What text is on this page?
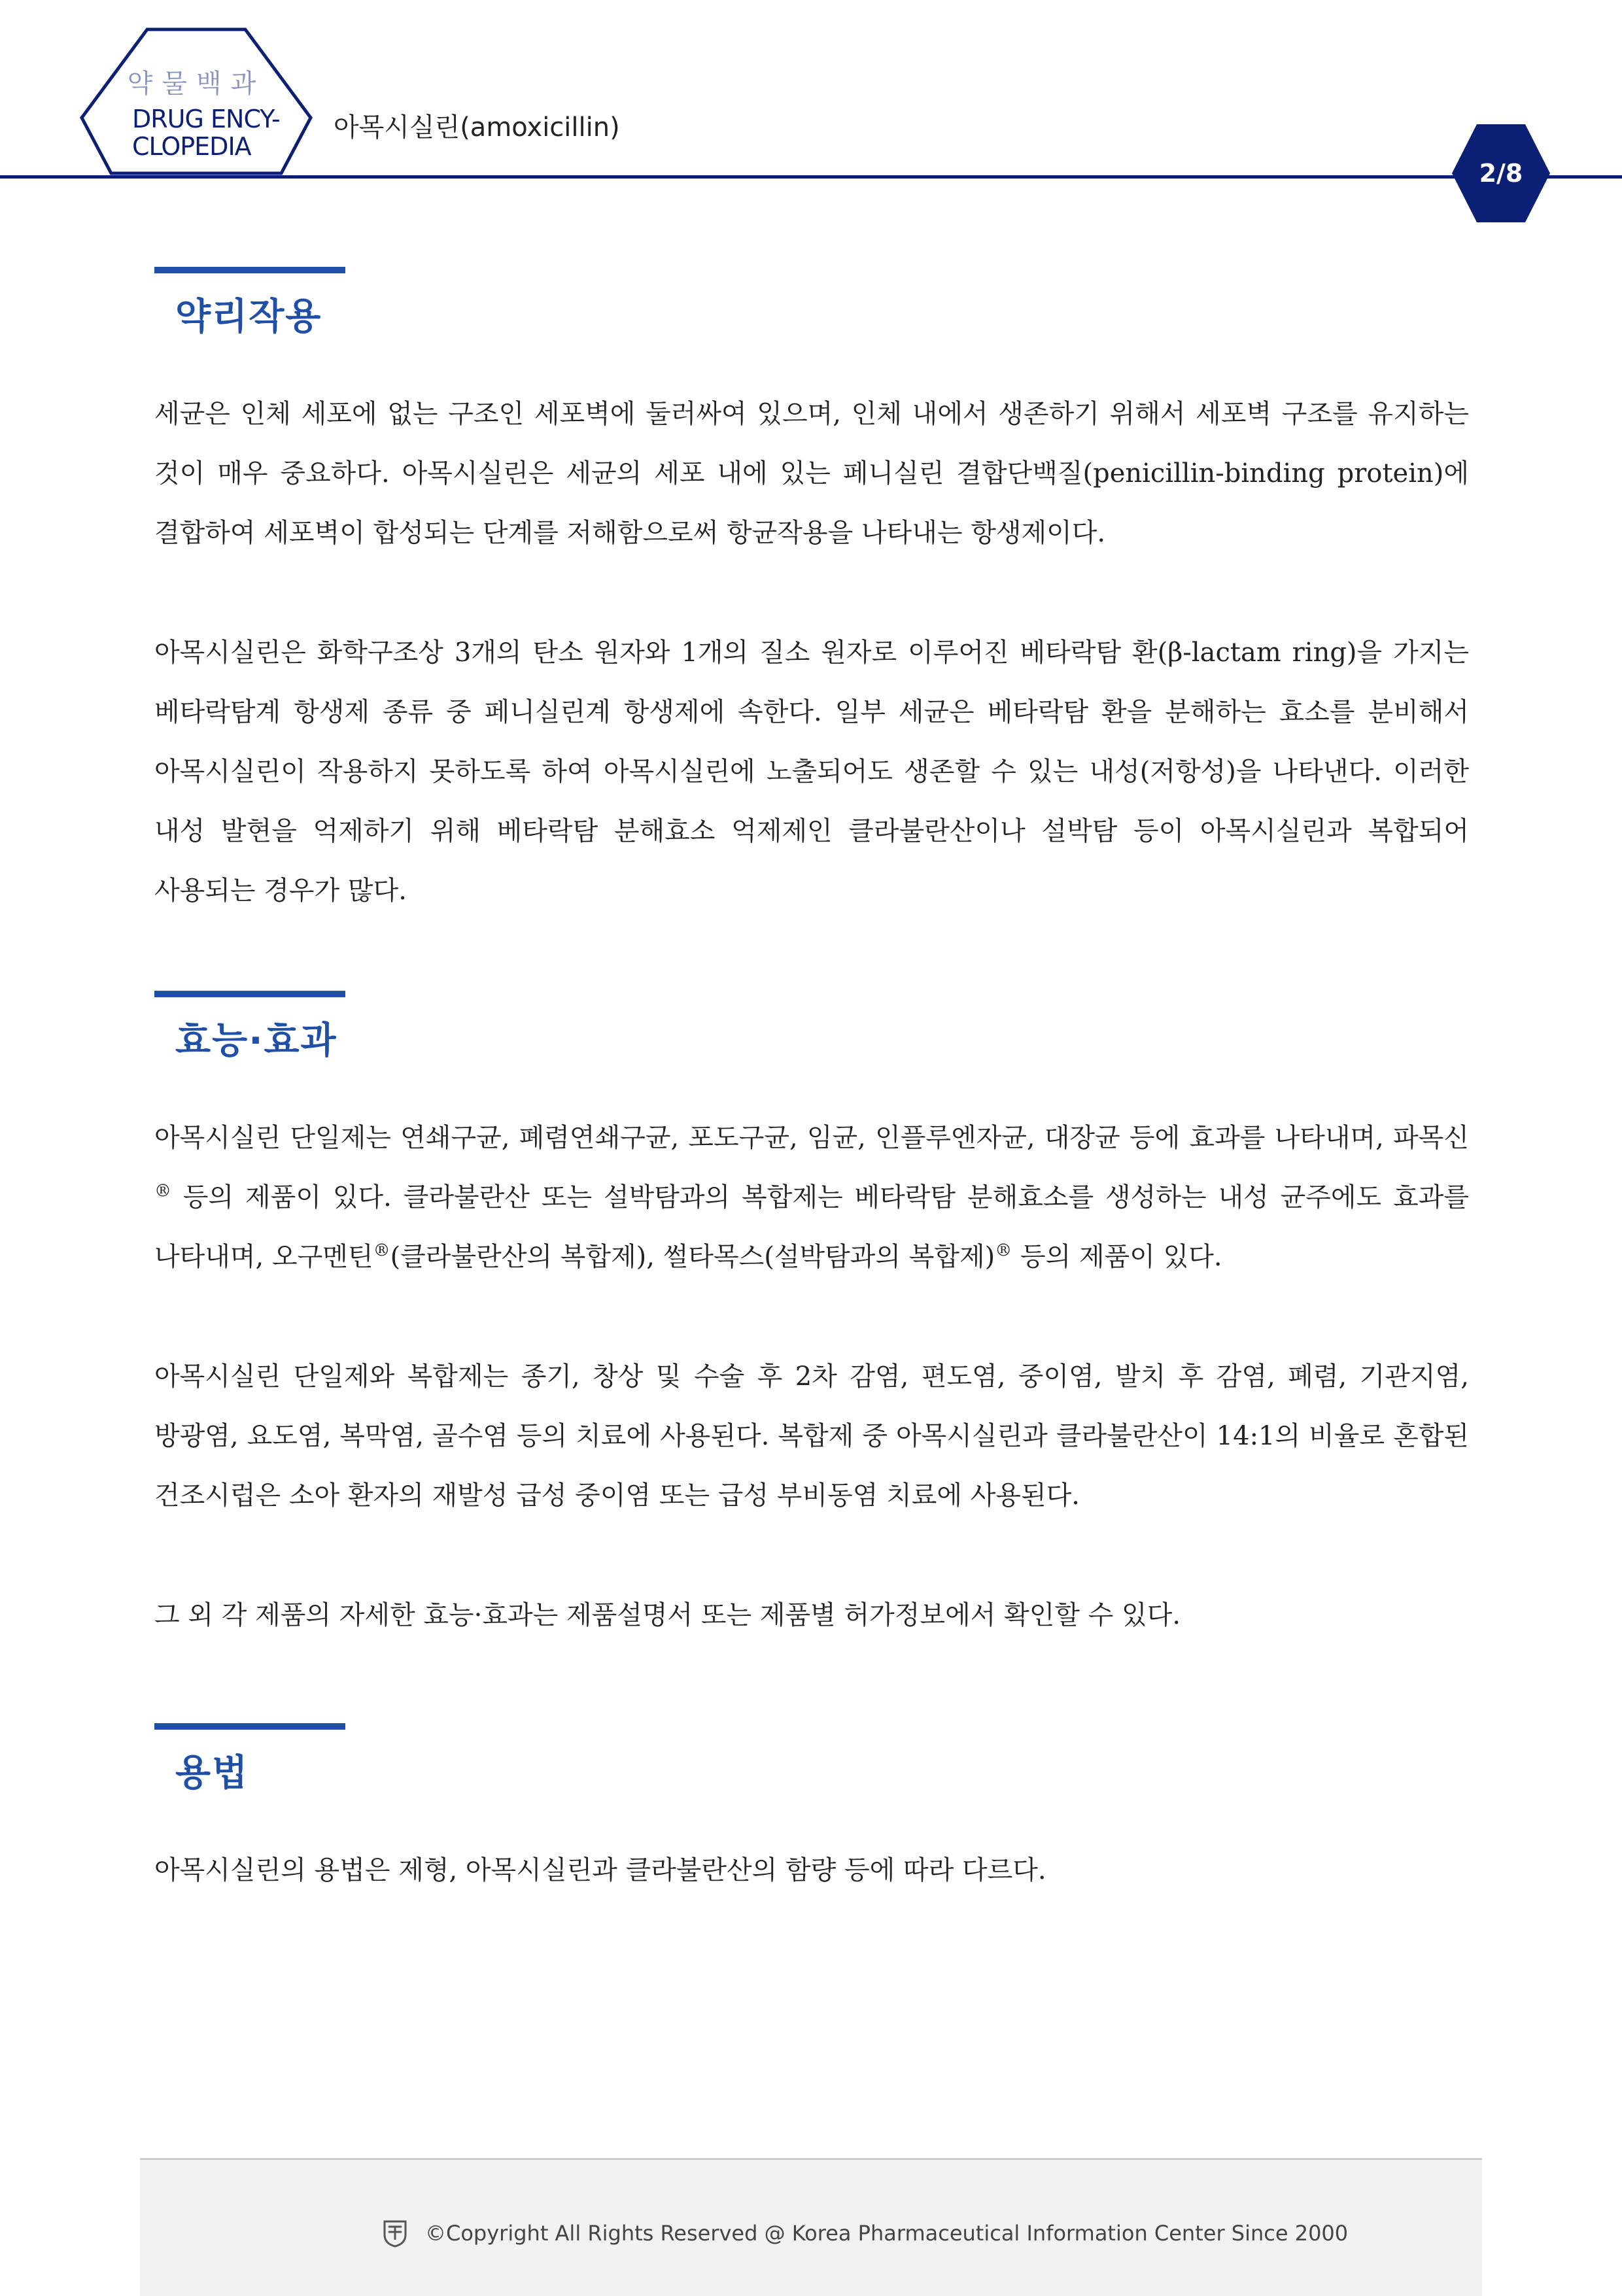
약물백과
DRUG ENCY-
CLOPEDIA
아목시실린(amoxicillin)
2/8
약리작용

세균은 인체 세포에 없는 구조인 세포벽에 둘러싸여 있으며, 인체 내에서 생존하기 위해서 세포벽 구조를 유지하는 것이 매우 중요하다. 아목시실린은 세균의 세포 내에 있는 페니실린 결합단백질(penicillin-binding protein)에 결합하여 세포벽이 합성되는 단계를 저해함으로써 항균작용을 나타내는 항생제이다.

아목시실린은 화학구조상 3개의 탄소 원자와 1개의 질소 원자로 이루어진 베타락탐 환(β-lactam ring)을 가지는 베타락탐계 항생제 종류 중 페니실린계 항생제에 속한다. 일부 세균은 베타락탐 환을 분해하는 효소를 분비해서 아목시실린이 작용하지 못하도록 하여 아목시실린에 노출되어도 생존할 수 있는 내성(저항성)을 나타낸다. 이러한 내성 발현을 억제하기 위해 베타락탐 분해효소 억제제인 클라불란산이나 설박탐 등이 아목시실린과 복합되어 사용되는 경우가 많다.

효능·효과

아목시실린 단일제는 연쇄구균, 폐렴연쇄구균, 포도구균, 임균, 인플루엔자균, 대장균 등에 효과를 나타내며, 파목신® 등의 제품이 있다. 클라불란산 또는 설박탐과의 복합제는 베타락탐 분해효소를 생성하는 내성 균주에도 효과를 나타내며, 오구멘틴®(클라불란산의 복합제), 썰타목스(설박탐과의 복합제)® 등의 제품이 있다.

아목시실린 단일제와 복합제는 종기, 창상 및 수술 후 2차 감염, 편도염, 중이염, 발치 후 감염, 폐렴, 기관지염, 방광염, 요도염, 복막염, 골수염 등의 치료에 사용된다. 복합제 중 아목시실린과 클라불란산이 14:1의 비율로 혼합된 건조시럽은 소아 환자의 재발성 급성 중이염 또는 급성 부비동염 치료에 사용된다.

그 외 각 제품의 자세한 효능·효과는 제품설명서 또는 제품별 허가정보에서 확인할 수 있다.

용법

아목시실린의 용법은 제형, 아목시실린과 클라불란산의 함량 등에 따라 다르다.

©Copyright All Rights Reserved @ Korea Pharmaceutical Information Center Since 2000
